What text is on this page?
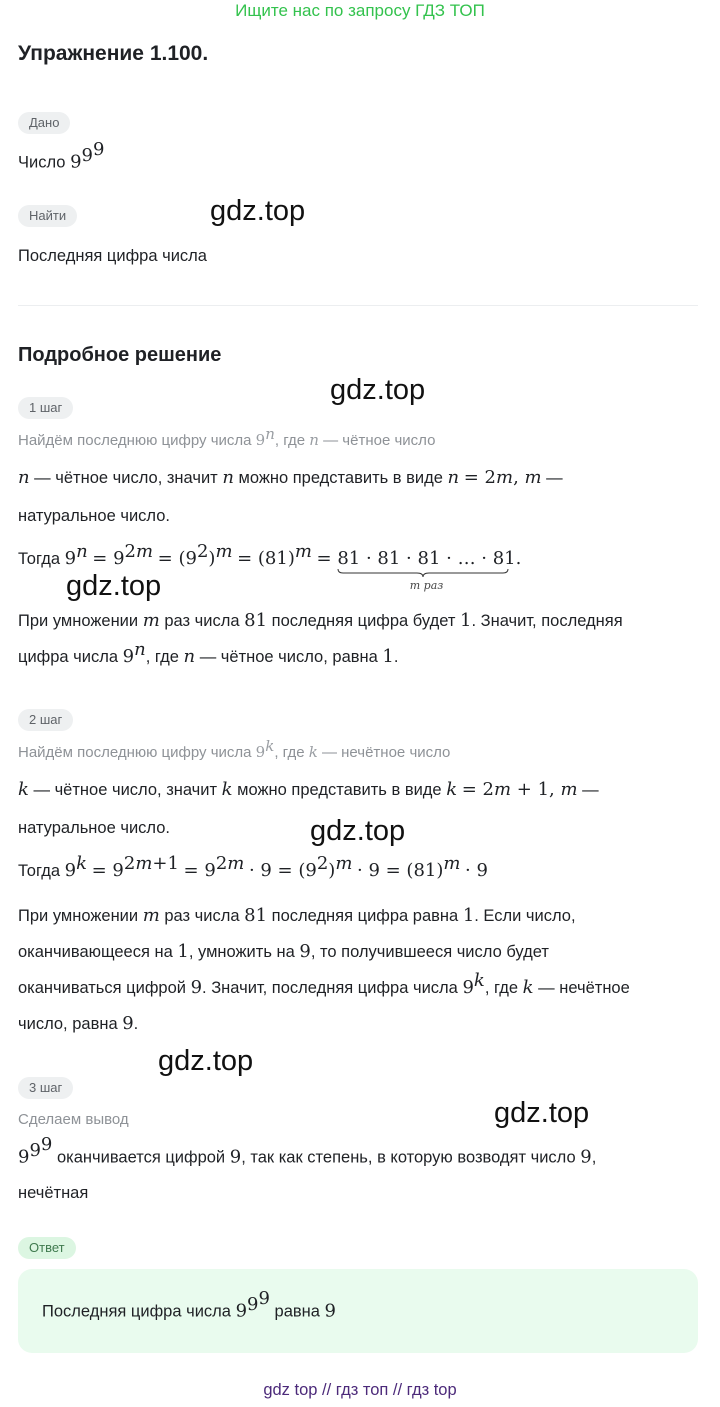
Ищите нас по запросу ГДЗ ТОП
Упражнение 1.100.
Дано
Число $9^{9^9}$
Найти	gdz.top
Последняя цифра числа
Подробное решение
gdz.top
1 шаг
Найдём последнюю цифру числа 9$^n$, где n — чётное число
n — чётное число, значит n можно представить в виде n = 2m, m —
натуральное число.
Тогда $9^n = 9^{2m} = (9^2)^m = (81)^m = 81 \cdot 81 \cdot 81$ · … · 81
m раз
.
gdz.top
При умножении m раз числа 81 последняя цифра будет 1. Значит, последняя
цифра числа 9$^n$, где n — чётное число, равна 1.
2 шаг
Найдём последнюю цифру числа 9$^k$, где k — нечётное число
k — чётное число, значит k можно представить в виде k = 2m + 1, m —
натуральное число.	gdz.top
Тогда $9^k = 9^{2m+1} = 9^{2m} \cdot 9 = (9^2)^m \cdot 9 = (81)^m \cdot 9$
При умножении m раз числа 81 последняя цифра равна 1. Если число,
оканчивающееся на 1, умножить на 9, то получившееся число будет
оканчиваться цифрой 9. Значит, последняя цифра числа 9$^k$, где k — нечётное
число, равна 9.
gdz.top
3 шаг
gdz.top
Сделаем вывод
$9^{9^9}$ оканчивается цифрой 9, так как степень, в которую возводят число 9,
нечётная
Ответ
Последняя цифра числа $9^{9^9}$ равна 9
gdz top // гдз топ // гдз top
